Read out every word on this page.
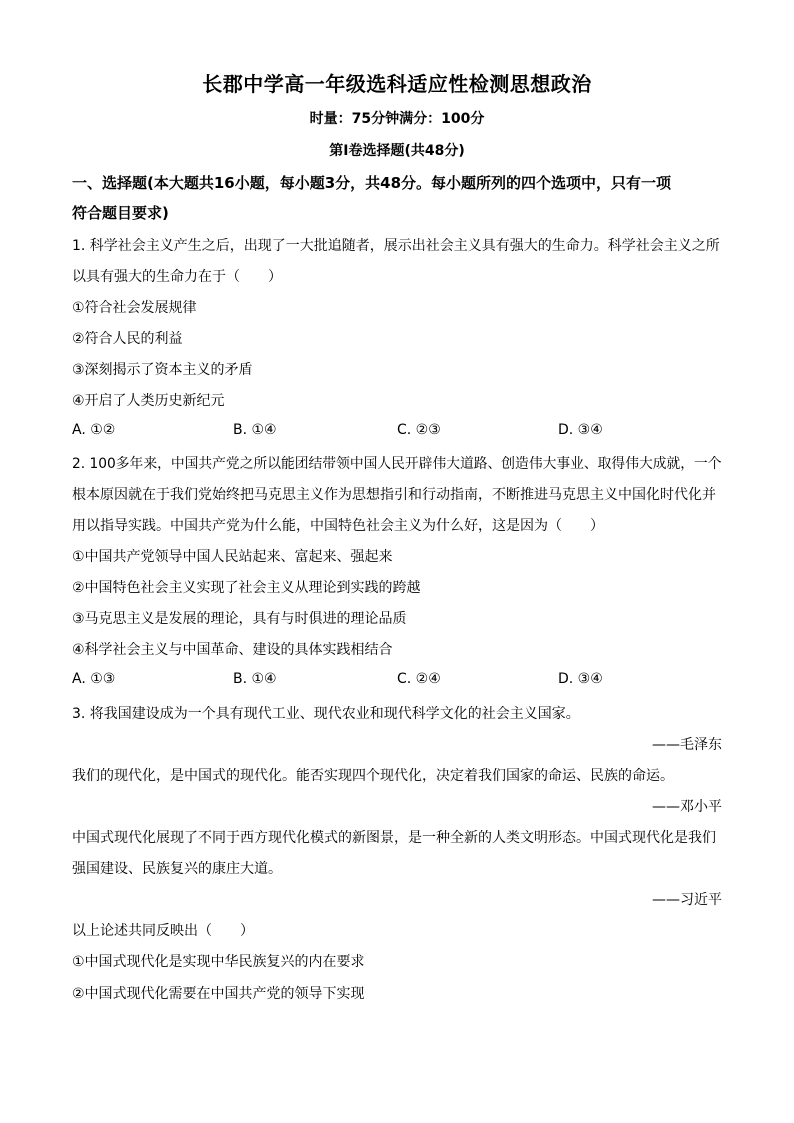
长郡中学高一年级选科适应性检测思想政治
时量：75分钟满分：100分
第Ⅰ卷选择题(共48分)
一、选择题(本大题共16小题，每小题3分，共48分。每小题所列的四个选项中，只有一项
符合题目要求)
1. 科学社会主义产生之后，出现了一大批追随者，展示出社会主义具有强大的生命力。科学社会主义之所
以具有强大的生命力在于（　　）
①符合社会发展规律
②符合人民的利益
③深刻揭示了资本主义的矛盾
④开启了人类历史新纪元
A. ①②	B. ①④	C. ②③	D. ③④
2. 100多年来，中国共产党之所以能团结带领中国人民开辟伟大道路、创造伟大事业、取得伟大成就，一个
根本原因就在于我们党始终把马克思主义作为思想指引和行动指南，不断推进马克思主义中国化时代化并
用以指导实践。中国共产党为什么能，中国特色社会主义为什么好，这是因为（　　）
①中国共产党领导中国人民站起来、富起来、强起来
②中国特色社会主义实现了社会主义从理论到实践的跨越
③马克思主义是发展的理论，具有与时俱进的理论品质
④科学社会主义与中国革命、建设的具体实践相结合
A. ①③	B. ①④	C. ②④	D. ③④
3. 将我国建设成为一个具有现代工业、现代农业和现代科学文化的社会主义国家。
——毛泽东
我们的现代化，是中国式的现代化。能否实现四个现代化，决定着我们国家的命运、民族的命运。
——邓小平
中国式现代化展现了不同于西方现代化模式的新图景，是一种全新的人类文明形态。中国式现代化是我们
强国建设、民族复兴的康庄大道。
——习近平
以上论述共同反映出（　　）
①中国式现代化是实现中华民族复兴的内在要求
②中国式现代化需要在中国共产党的领导下实现
